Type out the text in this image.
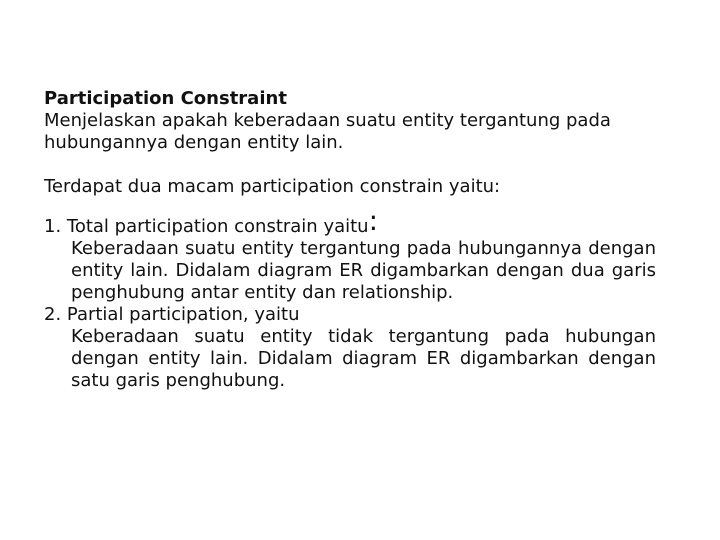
Participation Constraint
Menjelaskan apakah keberadaan suatu entity tergantung pada hubungannya dengan entity lain.
Terdapat dua macam participation constrain yaitu:
1. Total participation constrain yaitu:
Keberadaan suatu entity tergantung pada hubungannya dengan entity lain. Didalam diagram ER digambarkan dengan dua garis penghubung antar entity dan relationship.
2. Partial participation, yaitu
Keberadaan suatu entity tidak tergantung pada hubungan dengan entity lain. Didalam diagram ER digambarkan dengan satu garis penghubung.
